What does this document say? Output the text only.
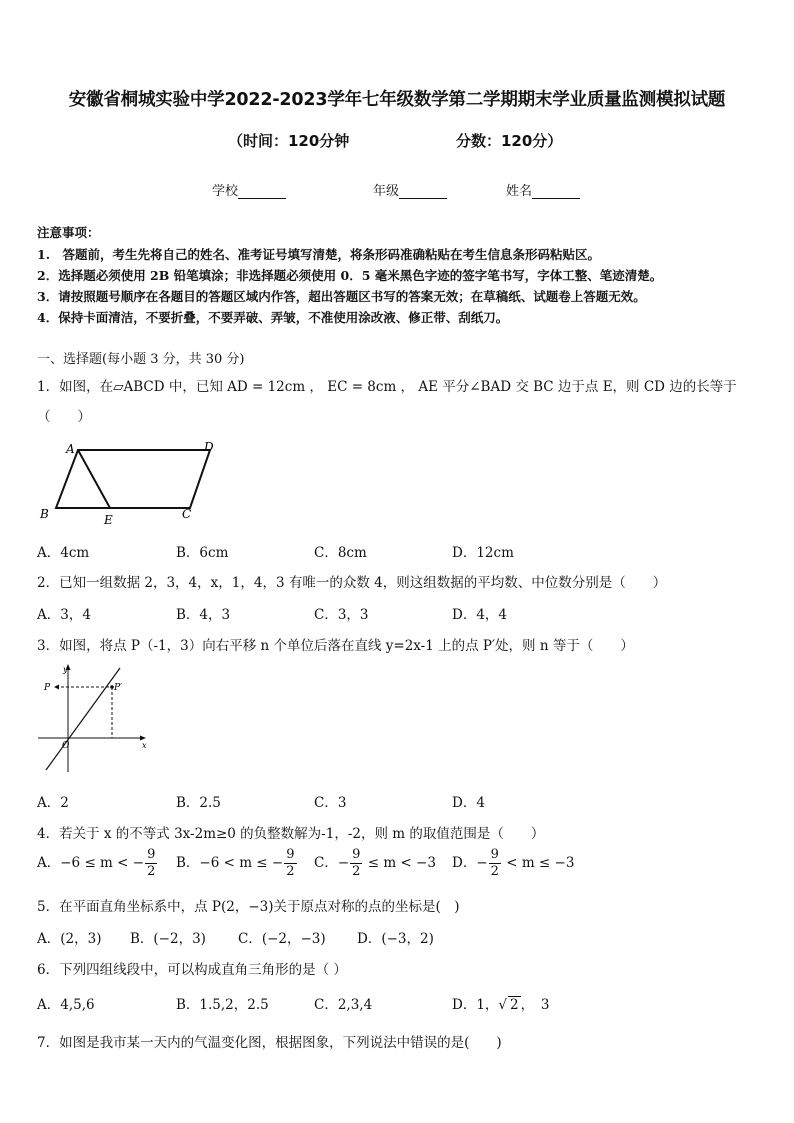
安徽省桐城实验中学2022-2023学年七年级数学第二学期期末学业质量监测模拟试题
（时间：120分钟	分数：120分）
学校	年级	姓名
注意事项：
1.　答题前，考生先将自己的姓名、准考证号填写清楚，将条形码准确粘贴在考生信息条形码粘贴区。
2．选择题必须使用 2B 铅笔填涂；非选择题必须使用 0．5 毫米黑色字迹的签字笔书写，字体工整、笔迹清楚。
3．请按照题号顺序在各题目的答题区域内作答，超出答题区书写的答案无效；在草稿纸、试题卷上答题无效。
4．保持卡面清洁，不要折叠，不要弄破、弄皱，不准使用涂改液、修正带、刮纸刀。
一、选择题(每小题 3 分，共 30 分)
1．如图，在▱ABCD 中，已知 AD = 12cm ， EC = 8cm ， AE 平分∠BAD 交 BC 边于点 E，则 CD 边的长等于
（　　）
A	D
B	E	C
A．4cm	B．6cm	C．8cm	D．12cm
2．已知一组数据 2，3，4，x，1，4，3 有唯一的众数 4，则这组数据的平均数、中位数分别是（　　）
A．3，4	B．4，3	C．3，3	D．4，4
3．如图，将点 P（-1，3）向右平移 n 个单位后落在直线 y=2x-1 上的点 P′处，则 n 等于（　　）
y
x
O
P	P′
A．2	B．2.5	C．3	D．4
4．若关于 x 的不等式 3x-2m≥0 的负整数解为-1，-2，则 m 的取值范围是（　　）
A．−6 ≤ m < − $\frac{9}{2}$ B．−6 < m ≤ − $\frac{9}{2}$ C．− $\frac{9}{2} \le m < -3$ D．− $\frac{9}{2} < m \le -3$
5．在平面直角坐标系中，点 P(2，−3)关于原点对称的点的坐标是(　)
A．(2，3) B．(−2，3) C．(−2，−3) D．(−3，2)
6．下列四组线段中，可以构成直角三角形的是（ ）
A．4,5,6	B．1.5,2，2.5	C．2,3,4	D．1，√ 2 ，　3
7．如图是我市某一天内的气温变化图，根据图象，下列说法中错误的是(　　)
